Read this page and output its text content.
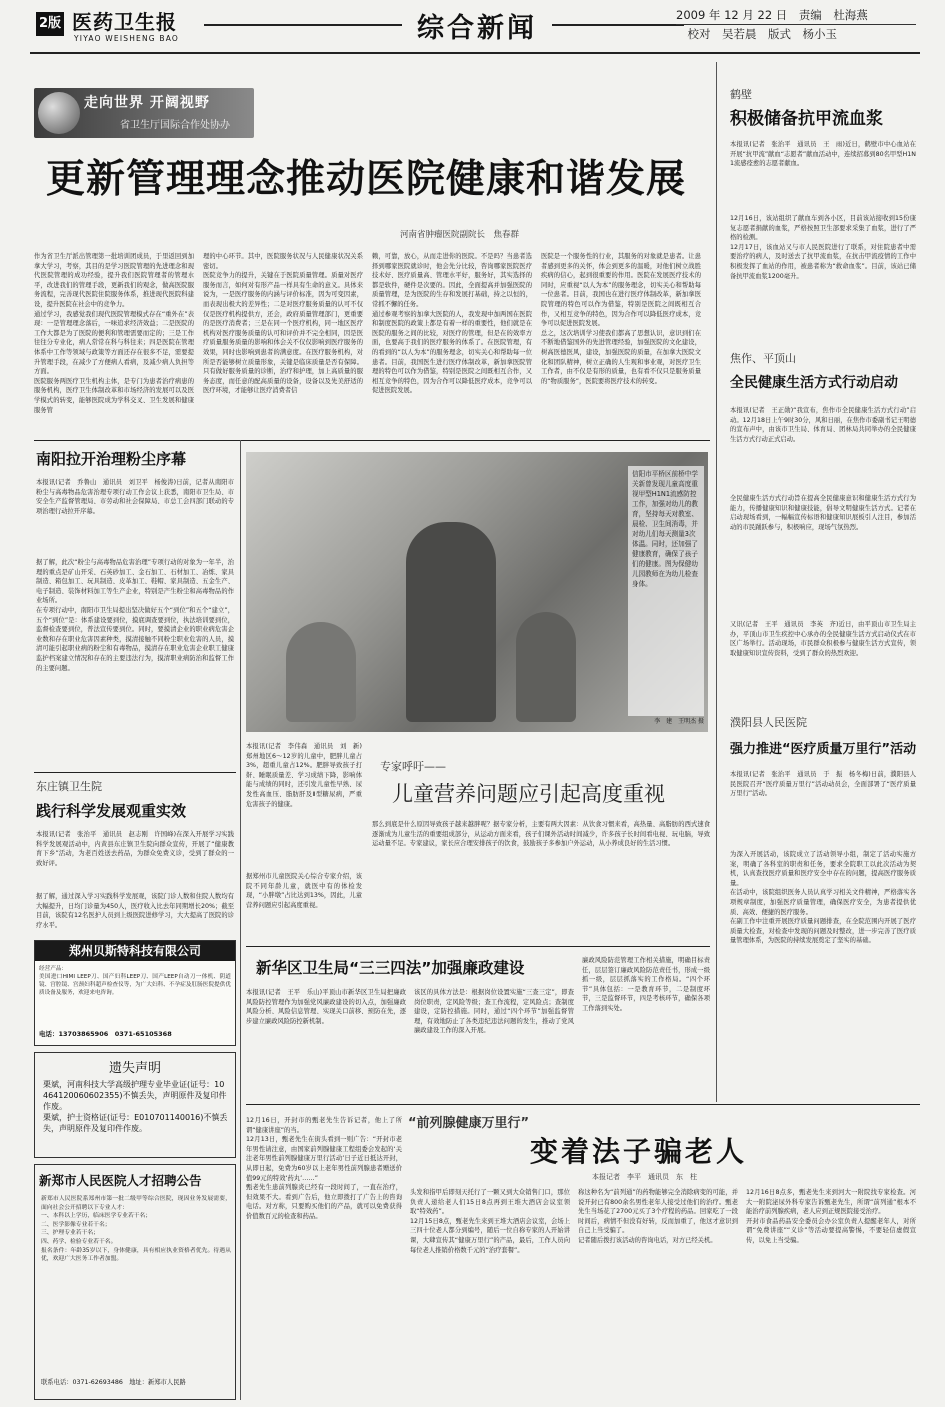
2版 医药卫生报
YIYAO WEISHENG BAO	综合新闻	2009 年 12 月 22 日　 责编　 杜海燕
　校对　 吴若晨　 版式　 杨小玉
走向世界 开阔视野
省卫生厅国际合作处协办
更新管理理念推动医院健康和谐发展
河南省肿瘤医院副院长　焦春群
作为省卫生厅派出管理第一批培训团成员，于里返回到加拿大学习，考察，其目的是学习医院管理的先进理念和现代医院管理的成功经验，提升我们医院管理者的管理水平，改进我们的管理手段，更新我们的观念，做高医院服务流程，完善现代医院住院服务体系，推进现代医院科建设，提升医院在社会中的竞争力。
通过学习，我感觉我们现代医院管理模式存在“重外在”表现：一是管理理念落后，一味追求经济效益；二是医院的工作大都是为了医院的便利和管理需要而定的；三是工作往往分专业化，病人常常在科与科往来；四是医院在管理体系中工作等领域与政策等方面还存在很多不足，需要提升管理手段，在减少了方便病人看病，及减少病人负担等方面。
医院服务两医疗卫生机构主体，是专门为患者治疗病患的服务机构，医疗卫生体制改革和市场经济的发展可以及医学模式的转变，能够医院成为学科交叉、卫生发展和健康服务管
理的中心环节。其中，医院服务状况与人民健康状况关系密切。
医院竞争力的提升，关键在于医院质量管理。质量对医疗服务而言，如何对有形产品一样具有生命的意义。具体来说为，一是医疗服务的内涵与评价标准，因为可变因素，而表现出极大的差异性；二是对医疗服务质量的认可不仅仅是医疗机构提供方，还会，政府质量管理部门，更重要的是医疗消费者；三是在同一个医疗机构，同一地区医疗机构对医疗服务质量的认可和评价并不完全相同，因是医疗质量服务质量的影响和体会关不仅仅影响到医疗服务的效果，同时也影响到患者的满意度。在医疗服务机构，对所是否能够树立质量形象，关键是临床质量是否有保障。只有做好服务质量的诊断，治疗和护理，加上高质量的服务态度，而任意的配高质量的设备，设备以及先美舒适的医疗环境，才能够让医疗消费者信
赖，可靠，放心，从而走进你的医院。不是吗？当患者选择到哪家医院就诊时，他会先分比较，咨询哪家医院医疗技术好、医疗质量高、管理水平好，服务好，其实选择的都是软件，硬件是次要的。因此，全面提高并加强医院的质量管理，是为医院的生存和发展打基础，持之以恒的，常抓不懈的任务。
通过参观考察的加拿大医院的人，我发现中加两国在医院和制度医院的政策上都是有着一样的重要性，他们就是在医院的服务之间的比较，对医疗的管理，但是在的效率方面，也要高于我们的医疗服务的体系了。在医院管理，有的看到的“以人为本”的服务理念，切实关心和帮助每一位患者。目前，我国医生进行医疗体制改革，新加拿医院管理的特色可以作为借鉴，特别是医院之间既相互合作，又相互竞争的特色，因为合作可以降低医疗成本，竞争可以促进医院发展。
医院是一个服务性的行业，其服务的对象就是患者。让患者感到更多的关怀，体会到更多的温暖，对他们树立战胜疾病的信心，起到很重要的作用。医院在发展医疗技术的同时，应重视“以人为本”的服务理念，切实关心和帮助每一位患者。目前，我国也在进行医疗体制改革，新加拿医院管理的特色可以作为借鉴，特别是医院之间既相互合作，又相互竞争的特色，因为合作可以降低医疗成本，竞争可以促进医院发展。
总之，这次培训学习使我们都高了思想认识，意识到们在不断地借鉴国外的先进管理经验，加强医院的文化建设，树高医德医风，建设，加强医院的质量，在加拿大医院文化和团队精神，树立正确的人生观和事业观，对医疗卫生工作者，由不仅是有形的质量，也有看不仅只是服务质量的“物质服务”，医院要将医疗技术的转变。
鹤壁
积极储备抗甲流血浆
本报讯(记者　张治平　通讯员　王　雨)近日，鹤壁市中心血站在开展“抗甲流”献血“志愿者”献血活动中，连续招募到80名甲型H1N1流感痊愈的志愿者献血。
12月16日，该站组织了献血车到各小区，目前该站接收到15份康复志愿者捐献的血浆，严格按照卫生部要求采集了血浆，进行了严格的检测。
12月17日，该血站又与市人民医院进行了联系，对住院患者中需要治疗的病人，及时送去了抗甲流血浆，在抗击甲流疫情的工作中积极发挥了血站的作用，被患者称为“救命血浆”。目前，该站已储备抗甲流血浆1200毫升。
焦作、平顶山
全民健康生活方式行动启动
本报讯(记者　王正勋)“我宣布，焦作市全民健康生活方式行动”启动。12月18日上午9时30分，风和日丽，在焦作市委副书记王明德的宣布声中，由该市卫生局、体育局、团林局共同举办的全民健康生活方式行动正式启动。
全民健康生活方式行动旨在提高全民健康意识和健康生活方式行为能力，传播健康知识和健康技能，倡导文明健康生活方式。记者在启动现场看到，一幅幅宣传标语和健康知识展板引人注目，参加活动的市民踊跃参与，积极响应，现场气氛热烈。
又讯(记者　王平　通讯员　李英　齐)近日，由平顶山市卫生局主办，平顶山市卫生疾控中心承办的全民健康生活方式启动仪式在市区广场举行。活动现场，市民群众积极参与健康生活方式宣传，领取健康知识宣传资料，受到了群众的热烈欢迎。
濮阳县人民医院
强力推进“医疗质量万里行”活动
本报讯(记者　张治平　通讯员　于　振　杨冬梅)日前，濮阳县人民医院召开“医疗质量万里行”活动动员会，全面部署了“医疗质量万里行”活动。
为深入开展活动，该院成立了活动领导小组，制定了活动实施方案，明确了各科室的职责和任务，要求全院职工以此次活动为契机，认真查找医疗质量和医疗安全中存在的问题，提高医疗服务质量。
在活动中，该院组织医务人员认真学习相关文件精神，严格落实各项规章制度，加强医疗质量管理，确保医疗安全，为患者提供优质、高效、便捷的医疗服务。
在副工作中注重开展医疗质量问题排查，在全院范围内开展了医疗质量大检查，对检查中发现的问题及时整改，进一步完善了医疗质量管理体系，为医院的持续发展奠定了坚实的基础。
南阳拉开治理粉尘序幕
本报讯(记者　乔鲁山　通讯员　刘卫平　杨俊涛)日前，记者从南阳市粉尘与高毒物品危害治理专项行动工作会议上获悉，南阳市卫生局、市安全生产监督管理局、市劳动和社会保障局、市总工会四部门联动的专项治理行动拉开序幕。
据了解，此次“粉尘与高毒物品危害治理”专项行动的对象为一年半，治理的重点是矿山开采、石英砂加工、金石加工、石材加工、冶炼、家具制造、箱包加工、玩具制造、皮革加工、鞋帽、家具制造、五金生产、电子制造、装饰材料加工等生产企业，特别是产生粉尘和高毒物品的作业场所。
在专项行动中，南阳市卫生局提出坚决做好五个“到位”和五个“建立”，五个“到位”是：体系建设要到位，摸底调查要到位，执法培训要到位，监督检查要到位，普法宣传要到位。同时，要摸清企业的职业病危害企业数和存在职业危害因素种类，摸清接触不同粉尘职业危害的人员，摸清可能引起职业病的粉尘和有毒物品，摸清存在职业危害企业职工健康监护档案建立情况和存在的主要违法行为，摸清职业病防治和监督工作的主要问题。
东庄镇卫生院
践行科学发展观重实效
本报讯(记者　张治平　通讯员　赵志刚　许国峰)在深入开展学习实践科学发展观活动中，内黄县东庄镇卫生院向群众宣传，开展了“健康教育下乡”活动，为老百姓送去药品，为群众免费义诊，受到了群众的一致好评。
据了解，通过深入学习实践科学发展观，该院门诊人数和住院人数均有大幅提升，日均门诊量为450人，医疗收入比去年同期增长20%；截至目前，该院有12名医护人员到上级医院进修学习，大大提高了医院的诊疗水平。
郑州贝斯特科技有限公司
经营产品：
美国进口HIMI LEEP刀、国产妇科LEEP刀、国产LEEP自动刀一体机、阴道镜、宫腔镜、宫颈妇科超声检查仪等，为广大妇科、不孕症及肛肠医院提供优质设备及服务，欢迎来电咨询。
电话：13703865906　0371-65105368
遗失声明
栗斌，河南科技大学高级护理专业毕业证(证号：10464120060602355)不慎丢失，声明原件及复印件作废。
栗斌，护士资格证(证号：E010701140016)不慎丢失，声明原件及复印件作废。
新郑市人民医院人才招聘公告
新郑市人民医院系郑州市第一批二级甲等综合医院，现因业务发展需要，面向社会公开招聘以下专业人才：
一、本科以上学历，临床医学专业若干名；
二、医学影像专业若干名；
三、护理专业若干名；
四、药学、检验专业若干名。
报名条件：年龄35岁以下，身体健康，具有相应执业资格者优先。待遇从优，欢迎广大医务工作者加盟。
联系电话：0371-62693486　地址：新郑市人民路
信阳市平桥区前桥中学关新曾发现儿童高度重视甲型H1N1流感防控工作，加强对幼儿的教育，坚持每天对教室、晨检、卫生间消毒，并对幼儿们每天测量3次体温。同时，还加强了健康教育，确保了孩子们的健康。图为保健幼儿园教师在为幼儿检查身体。
李　建　王明杰 摄
本报讯(记者　李伟森　通讯员　刘　新)郑州地区6～12岁的儿童中，肥胖儿童占3%，超重儿童占12%。肥胖导致孩子打鼾、睡眠质量差、学习成绩下降，影响体能与成绩的同时，还引发儿童性早熟、尿发性高血压、脂肪肝及Ⅱ型糖尿病，严重危害孩子的健康。
据郑州市儿童医院关心综合专家介绍，该院不同年龄儿童，就医中有的体检发现，“小胖墩”占比达到13%，因此，儿童营养问题应引起高度重视。
专家呼吁——
儿童营养问题应引起高度重视
那么到底是什么原因导致孩子越来越胖呢？据专家分析，主要有两大因素：从饮食习惯来看，高热量、高脂肪的西式速食逐渐成为儿童生活的重要组成部分，从运动方面来看，孩子们课外活动时间减少，许多孩子长时间看电视、玩电脑，导致运动量不足。专家建议，家长应合理安排孩子的饮食，鼓励孩子多参加户外运动，从小养成良好的生活习惯。
新华区卫生局“三三四法”加强廉政建设
本报讯(记者　王平　乐山)平顶山市新华区卫生局把廉政风险防控管理作为加强党风廉政建设的切入点，加强廉政风险分析、风险信息管理、实现关口前移、预防在先，逐步建立廉政风险防控新机制。
该区的具体方法是：根据岗位设置实施“三查三定”，即查岗位职责，定风险等级；查工作流程，定风险点；查制度建设，定防控措施。同时，通过“四个环节”加强监督管理，有效地防止了各类违纪违法问题的发生，推动了党风廉政建设工作的深入开展。
廉政风险防范管理工作相关措施，明确目标责任，层层签订廉政风险防范责任书，形成一级抓一级，层层抓落实的工作格局。“四个环节”具体包括：一是教育环节，二是制度环节，三是监督环节，四是考核环节，确保各项工作落到实处。
“前列腺健康万里行”
变着法子骗老人
本报记者　李平　通讯员　东　柱
12月16日，开封市的甄老先生告诉记者，他上了所谓“健康讲座”的当。
12月13日，甄老先生在街头看到一则广告：“开封市老年男性请注意，由国家前列腺健康工程组委会发起的‘关注老年男性前列腺健康万里行活动’日子近日抵达开封，从即日起，免费为60岁以上老年男性前列腺患者赠送价值99元的特效‘药丸’……”
甄老先生患前列腺炎已经有一段时间了，一直在治疗，但效果不大。看到广告后，他立即拨打了广告上的咨询电话。对方称，只要购买他们的产品，就可以免费获得价值数百元的检查和药品。
头发和指甲后即刻天托行了一颗又到大众销售门口，那位负责人递给老人们15日8点再到王堆大酒店会议室领取“特效药”。
12月15日8点，甄老先生来到王堆大酒店会议室，会场上三四十位老人都分到编号，随后一位自称专家的人开始讲课，大肆宣传其“健康万里行”的产品，最后，工作人员向每位老人推销价格数千元的“治疗套餐”。
称这种名为“前列通”的药物能够完全消除病变的可能，并说开封已有800余名男性老年人接受过他们的治疗。甄老先生当场花了2700元买了3个疗程的药品。回家吃了一段时间后，病情不但没有好转，反而加重了，他这才意识到自己上当受骗了。
记者随后拨打该活动的咨询电话，对方已经关机。
12月16日8点多，甄老先生来到河大一附院找专家检查。河大一附院泌尿外科专家告诉甄老先生，所谓“前列通”根本不能治疗前列腺疾病，老人应到正规医院接受治疗。
开封市食品药品安全委员会办公室负责人提醒老年人，对所谓“免费讲座”“义诊”等活动要提高警惕，不要轻信虚假宣传，以免上当受骗。
